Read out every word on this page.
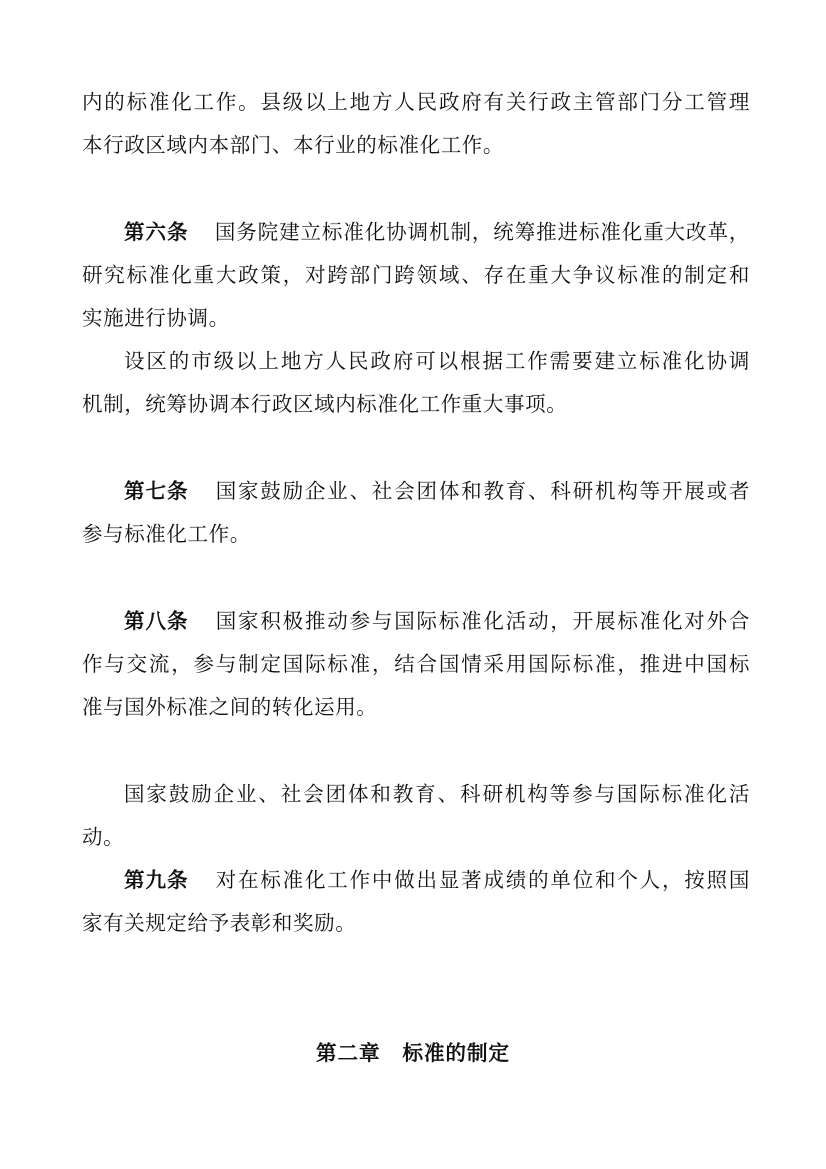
内的标准化工作。县级以上地方人民政府有关行政主管部门分工管理
本行政区域内本部门、本行业的标准化工作。
第六条 国务院建立标准化协调机制，统筹推进标准化重大改革，
研究标准化重大政策，对跨部门跨领域、存在重大争议标准的制定和
实施进行协调。
设区的市级以上地方人民政府可以根据工作需要建立标准化协调
机制，统筹协调本行政区域内标准化工作重大事项。
第七条 国家鼓励企业、社会团体和教育、科研机构等开展或者
参与标准化工作。
第八条 国家积极推动参与国际标准化活动，开展标准化对外合
作与交流，参与制定国际标准，结合国情采用国际标准，推进中国标
准与国外标准之间的转化运用。
国家鼓励企业、社会团体和教育、科研机构等参与国际标准化活
动。
第九条 对在标准化工作中做出显著成绩的单位和个人，按照国
家有关规定给予表彰和奖励。
第二章 标准的制定
